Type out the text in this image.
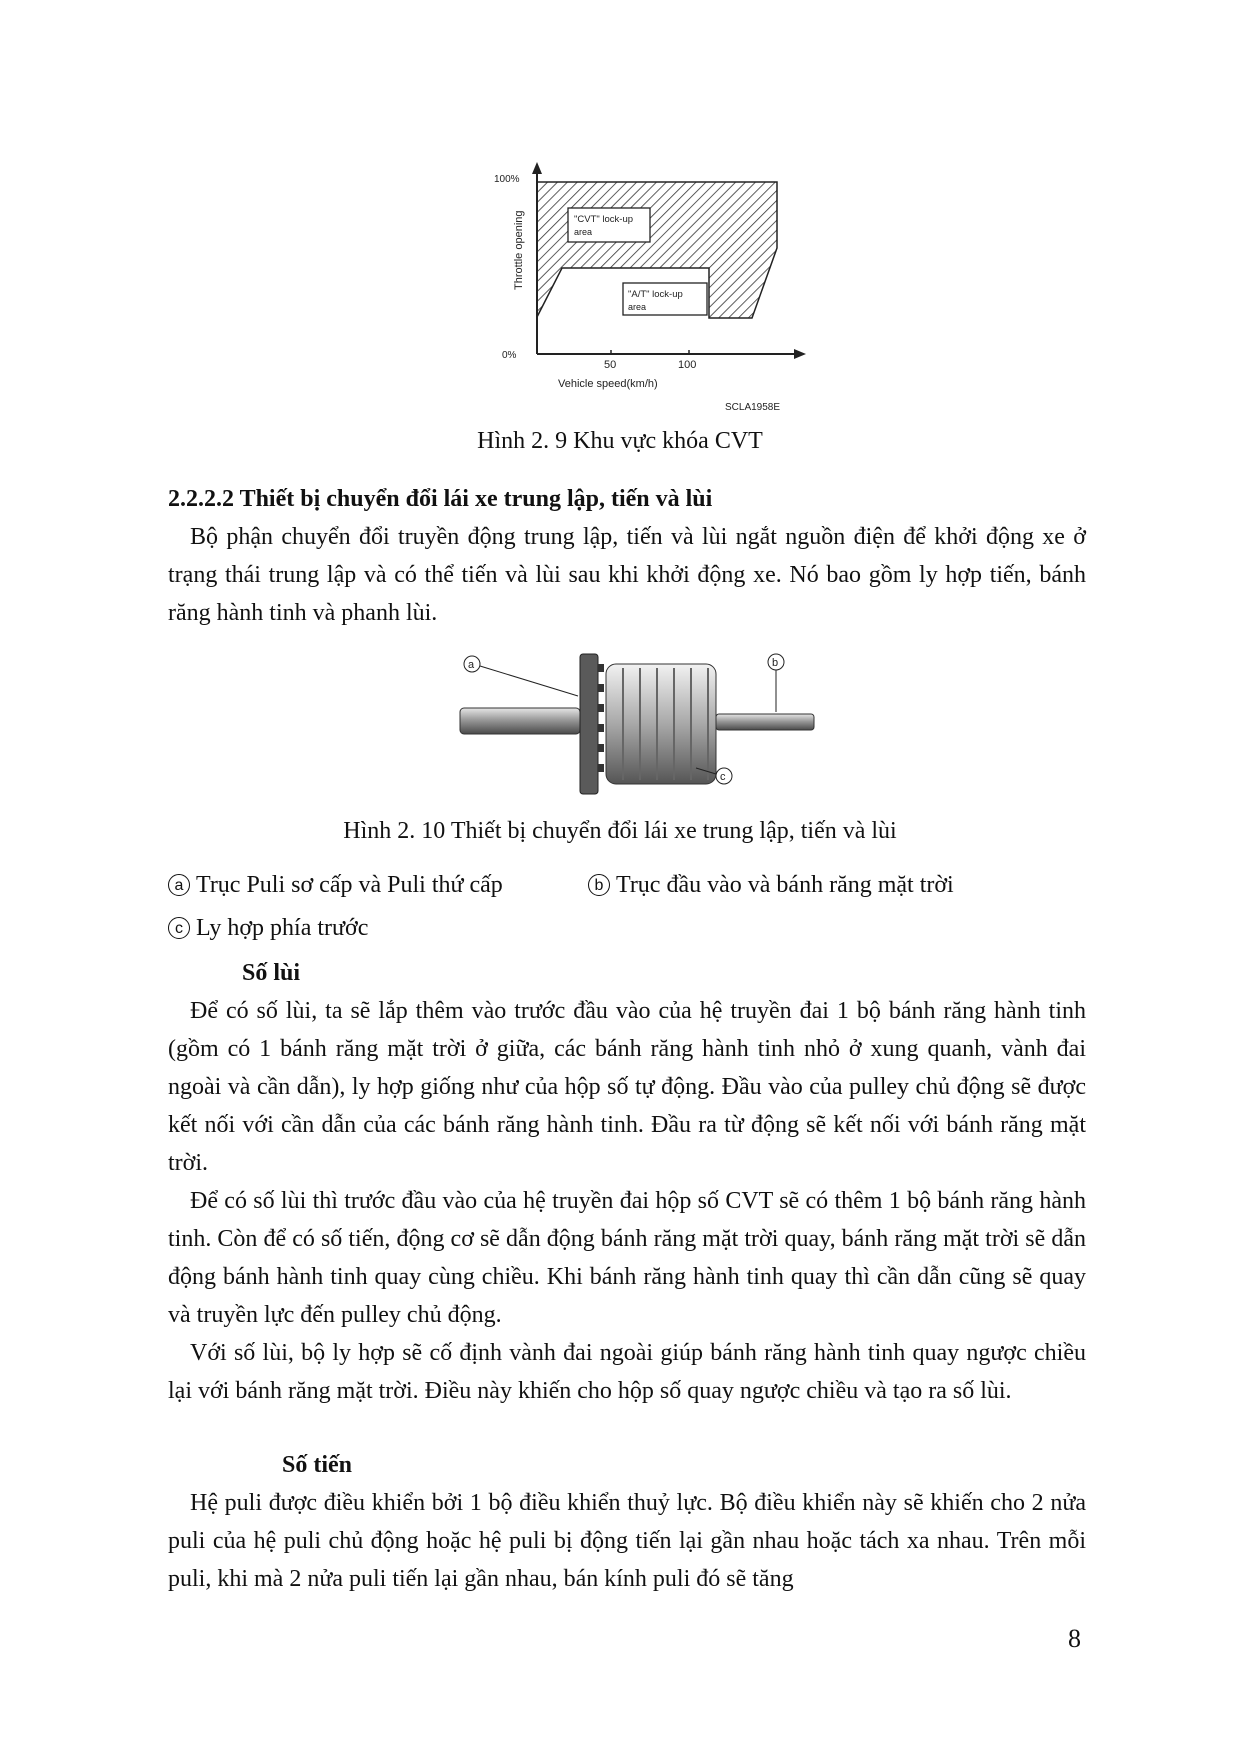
100%
0%
50	100
Throttle opening
Vehicle speed(km/h)
SCLA1958E
"CVT" lock-up
area
"A/T" lock-up
area
Hình 2. 9 Khu vực khóa CVT
2.2.2.2 Thiết bị chuyển đổi lái xe trung lập, tiến và lùi

Bộ phận chuyển đổi truyền động trung lập, tiến và lùi ngắt nguồn điện để khởi động xe ở trạng thái trung lập và có thể tiến và lùi sau khi khởi động xe. Nó bao gồm ly hợp tiến, bánh răng hành tinh và phanh lùi.

a	b
c
Hình 2. 10 Thiết bị chuyển đổi lái xe trung lập, tiến và lùi
a Trục Puli sơ cấp và Puli thứ cấp	b Trục đầu vào và bánh răng mặt trời
c Ly hợp phía trước
Số lùi

Để có số lùi, ta sẽ lắp thêm vào trước đầu vào của hệ truyền đai 1 bộ bánh răng hành tinh (gồm có 1 bánh răng mặt trời ở giữa, các bánh răng hành tinh nhỏ ở xung quanh, vành đai ngoài và cần dẫn), ly hợp giống như của hộp số tự động. Đầu vào của pulley chủ động sẽ được kết nối với cần dẫn của các bánh răng hành tinh. Đầu ra từ động sẽ kết nối với bánh răng mặt trời.

Để có số lùi thì trước đầu vào của hệ truyền đai hộp số CVT sẽ có thêm 1 bộ bánh răng hành tinh. Còn để có số tiến, động cơ sẽ dẫn động bánh răng mặt trời quay, bánh răng mặt trời sẽ dẫn động bánh hành tinh quay cùng chiều. Khi bánh răng hành tinh quay thì cần dẫn cũng sẽ quay và truyền lực đến pulley chủ động.

Với số lùi, bộ ly hợp sẽ cố định vành đai ngoài giúp bánh răng hành tinh quay ngược chiều lại với bánh răng mặt trời. Điều này khiến cho hộp số quay ngược chiều và tạo ra số lùi.

Số tiến

Hệ puli được điều khiển bởi 1 bộ điều khiển thuỷ lực. Bộ điều khiển này sẽ khiến cho 2 nửa puli của hệ puli chủ động hoặc hệ puli bị động tiến lại gần nhau hoặc tách xa nhau. Trên mỗi puli, khi mà 2 nửa puli tiến lại gần nhau, bán kính puli đó sẽ tăng

8
